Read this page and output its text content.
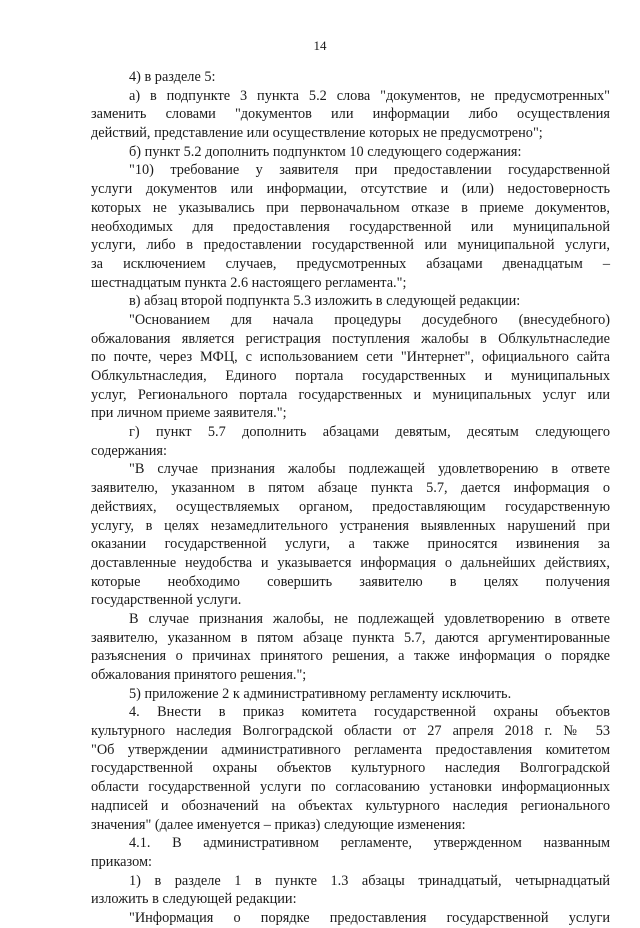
14
4) в разделе 5:
а) в подпункте 3 пункта 5.2 слова "документов, не предусмотренных"
заменить словами "документов или информации либо осуществления
действий, представление или осуществление которых не предусмотрено";
б) пункт 5.2 дополнить подпунктом 10 следующего содержания:
"10) требование у заявителя при предоставлении государственной
услуги документов или информации, отсутствие и (или) недостоверность
которых не указывались при первоначальном отказе в приеме документов,
необходимых для предоставления государственной или муниципальной
услуги, либо в предоставлении государственной или муниципальной услуги,
за исключением случаев, предусмотренных абзацами двенадцатым –
шестнадцатым пункта 2.6 настоящего регламента.";
в) абзац второй подпункта 5.3 изложить в следующей редакции:
"Основанием для начала процедуры досудебного (внесудебного)
обжалования является регистрация поступления жалобы в Облкультнаследие
по почте, через МФЦ, с использованием сети "Интернет", официального сайта
Облкультнаследия, Единого портала государственных и муниципальных
услуг, Регионального портала государственных и муниципальных услуг или
при личном приеме заявителя.";
г) пункт 5.7 дополнить абзацами девятым, десятым следующего
содержания:
"В случае признания жалобы подлежащей удовлетворению в ответе
заявителю, указанном в пятом абзаце пункта 5.7, дается информация о
действиях, осуществляемых органом, предоставляющим государственную
услугу, в целях незамедлительного устранения выявленных нарушений при
оказании государственной услуги, а также приносятся извинения за
доставленные неудобства и указывается информация о дальнейших действиях,
которые необходимо совершить заявителю в целях получения
государственной услуги.
В случае признания жалобы, не подлежащей удовлетворению в ответе
заявителю, указанном в пятом абзаце пункта 5.7, даются аргументированные
разъяснения о причинах принятого решения, а также информация о порядке
обжалования принятого решения.";
5) приложение 2 к административному регламенту исключить.
4. Внести в приказ комитета государственной охраны объектов
культурного наследия Волгоградской области от 27 апреля 2018 г. № 53
"Об утверждении административного регламента предоставления комитетом
государственной охраны объектов культурного наследия Волгоградской
области государственной услуги по согласованию установки информационных
надписей и обозначений на объектах культурного наследия регионального
значения" (далее именуется – приказ) следующие изменения:
4.1. В административном регламенте, утвержденном названным
приказом:
1) в разделе 1 в пункте 1.3 абзацы тринадцатый, четырнадцатый
изложить в следующей редакции:
"Информация о порядке предоставления государственной услуги
